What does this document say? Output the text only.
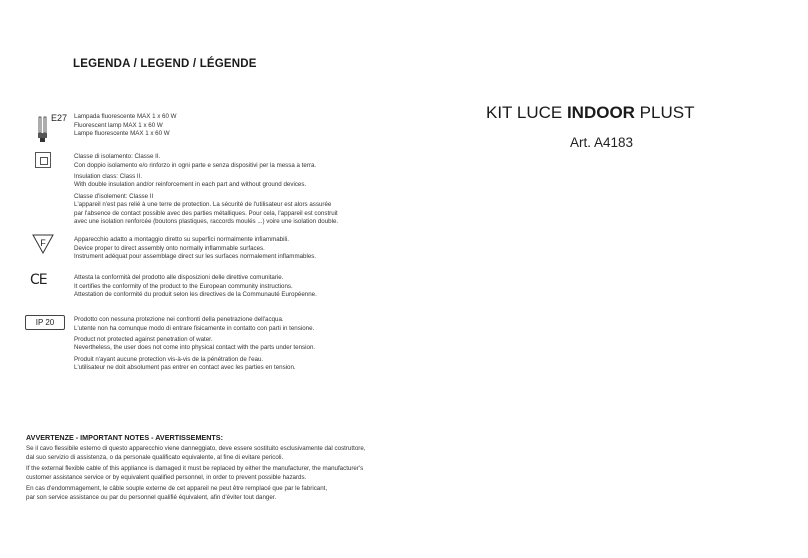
LEGENDA / LEGEND / LÉGENDE
E27 Lampada fluorescente MAX 1 x 60 W
Fluorescent lamp MAX 1 x 60 W
Lampe fluorescente MAX 1 x 60 W

Classe di isolamento: Classe II.
Con doppio isolamento e/o rinforzo in ogni parte e senza dispositivi per la messa a terra.

Insulation class: Class II.
With double insulation and/or reinforcement in each part and without ground devices.

Classe d'isolement: Classe II
L'appareil n'est pas relié à une terre de protection. La sécurité de l'utilisateur est alors assurée
par l'absence de contact possible avec des parties métalliques. Pour cela, l'appareil est construit
avec une isolation renforcée (boutons plastiques, raccords moulés ...) voire une isolation double.

F	Apparecchio adatto a montaggio diretto su superfici normalmente infiammabili.
Device proper to direct assembly onto normally inflammable surfaces.
Instrument adéquat pour assemblage direct sur les surfaces normalement inflammables.
CE	Attesta la conformità del prodotto alle disposizioni delle direttive comunitarie.
It certifies the conformity of the product to the European community instructions.
Attestation de conformité du produit selon les directives de la Communauté Européenne.
IP 20	Prodotto con nessuna protezione nei confronti della penetrazione dell'acqua.
L'utente non ha comunque modo di entrare fisicamente in contatto con parti in tensione.

Product not protected against penetration of water.
Nevertheless, the user does not come into physical contact with the parts under tension.

Produit n'ayant aucune protection vis-à-vis de la pénétration de l'eau.
L'utilisateur ne doit absolument pas entrer en contact avec les parties en tension.

AVVERTENZE - IMPORTANT NOTES - AVERTISSEMENTS:

Se il cavo flessibile esterno di questo apparecchio viene danneggiato, deve essere sostituito esclusivamente dal costruttore,
dal suo servizio di assistenza, o da personale qualificato equivalente, al fine di evitare pericoli.

If the external flexible cable of this appliance is damaged it must be replaced by either the manufacturer, the manufacturer's
customer assistance service or by equivalent qualified personnel, in order to prevent possible hazards.

En cas d'endommagement, le câble souple externe de cet appareil ne peut être remplacé que par le fabricant,
par son service assistance ou par du personnel qualifié équivalent, afin d'éviter tout danger.

KIT LUCE INDOOR PLUST
Art. A4183
